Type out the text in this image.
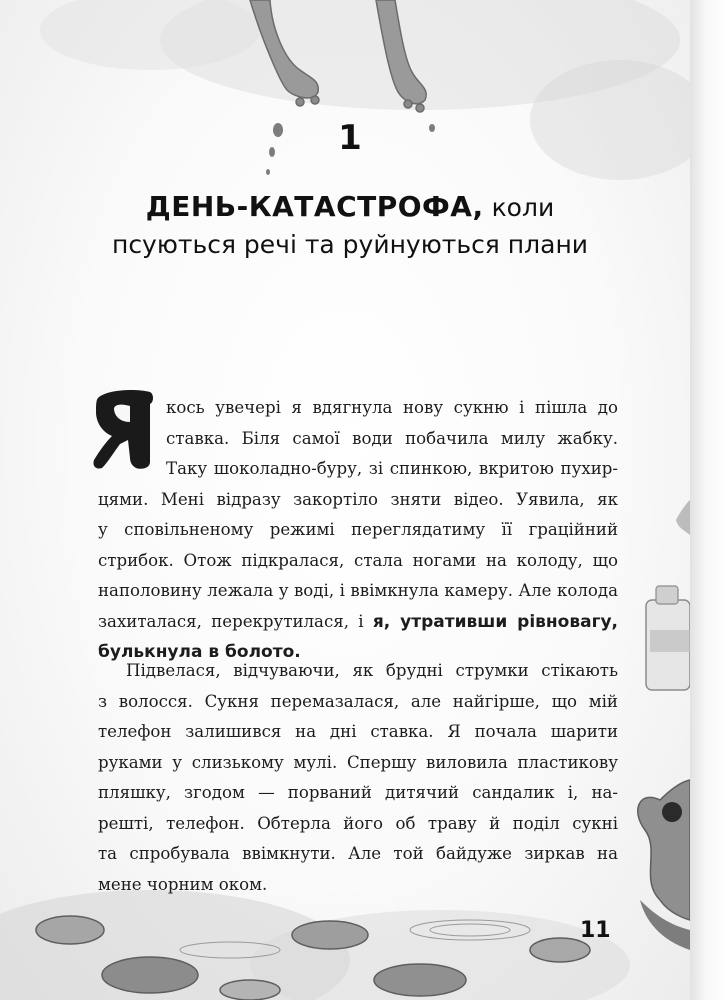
1
ДЕНЬ-КАТАСТРОФА, коли
псуються речі та руйнуються плани
кось увечері я вдягнула нову сукню і пішла до
ставка. Біля самої води побачила милу жабку.
Таку шоколадно-буру, зі спинкою, вкритою пухир-
цями. Мені відразу закортіло зняти відео. Уявила, як
у сповільненому режимі переглядатиму її граційний
стрибок. Отож підкралася, стала ногами на колоду, що
наполовину лежала у воді, і ввімкнула камеру. Але колода
захиталася, перекрутилася, і я, утративши рівновагу,
булькнула в болото.
Підвелася, відчуваючи, як брудні струмки стікають
з волосся. Сукня перемазалася, але найгірше, що мій
телефон залишився на дні ставка. Я почала шарити
руками у слизькому мулі. Спершу виловила пластикову
пляшку, згодом — порваний дитячий сандалик і, на-
решті, телефон. Обтерла його об траву й поділ сукні
та спробувала ввімкнути. Але той байдуже зиркав на
мене чорним оком.
11
